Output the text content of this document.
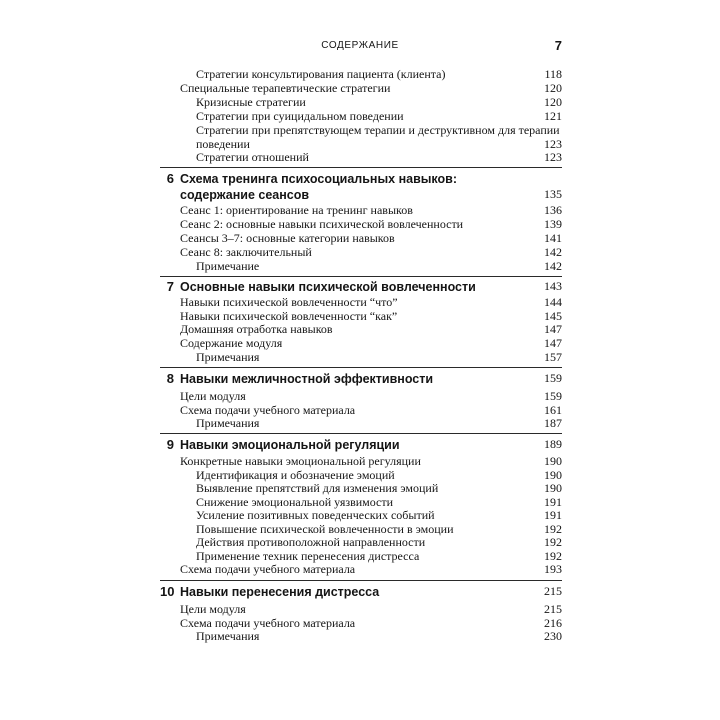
СОДЕРЖАНИЕ	7
Стратегии консультирования пациента (клиента)	118
Специальные терапевтические стратегии	120
Кризисные стратегии	120
Стратегии при суицидальном поведении	121
Стратегии при препятствующем терапии и деструктивном для терапии
поведении	123
Стратегии отношений	123
6 Схема тренинга психосоциальных навыков:
содержание сеансов	135
Сеанс 1: ориентирование на тренинг навыков	136
Сеанс 2: основные навыки психической вовлеченности	139
Сеансы 3–7: основные категории навыков	141
Сеанс 8: заключительный	142
Примечание	142
7 Основные навыки психической вовлеченности	143
Навыки психической вовлеченности “что”	144
Навыки психической вовлеченности “как”	145
Домашняя отработка навыков	147
Содержание модуля	147
Примечания	157
8 Навыки межличностной эффективности	159
Цели модуля	159
Схема подачи учебного материала	161
Примечания	187
9 Навыки эмоциональной регуляции	189
Конкретные навыки эмоциональной регуляции	190
Идентификация и обозначение эмоций	190
Выявление препятствий для изменения эмоций	190
Снижение эмоциональной уязвимости	191
Усиление позитивных поведенческих событий	191
Повышение психической вовлеченности в эмоции	192
Действия противоположной направленности	192
Применение техник перенесения дистресса	192
Схема подачи учебного материала	193
10 Навыки перенесения дистресса	215
Цели модуля	215
Схема подачи учебного материала	216
Примечания	230
